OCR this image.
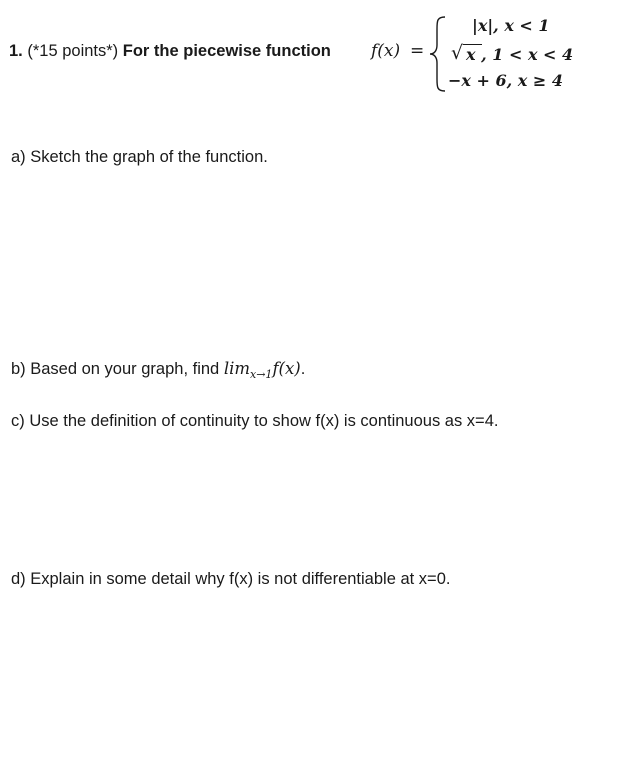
1. (*15 points*) For the piecewise function f(x) =
|x|, x < 1
√ x , 1 < x < 4
−x + 6, x ≥ 4
a) Sketch the graph of the function.
b) Based on your graph, find $\lim_{x\to 1}f(x)$.
c) Use the definition of continuity to show f(x) is continuous as x=4.
d) Explain in some detail why f(x) is not differentiable at x=0.
